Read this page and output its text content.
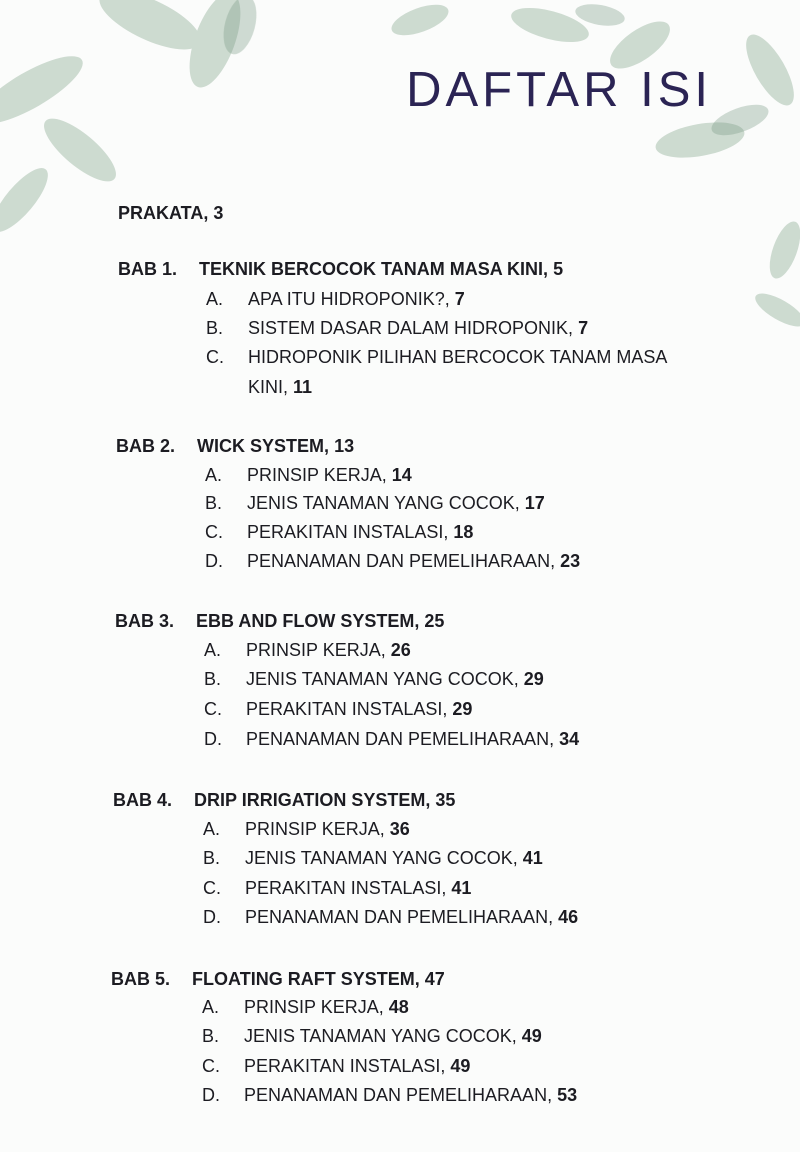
DAFTAR ISI
PRAKATA, 3
BAB 1. TEKNIK BERCOCOK TANAM MASA KINI, 5
A. APA ITU HIDROPONIK?, 7
B. SISTEM DASAR DALAM HIDROPONIK, 7
C. HIDROPONIK PILIHAN BERCOCOK TANAM MASA
KINI, 11
BAB 2. WICK SYSTEM, 13
A. PRINSIP KERJA, 14
B. JENIS TANAMAN YANG COCOK, 17
C. PERAKITAN INSTALASI, 18
D. PENANAMAN DAN PEMELIHARAAN, 23
BAB 3. EBB AND FLOW SYSTEM, 25
A. PRINSIP KERJA, 26
B. JENIS TANAMAN YANG COCOK, 29
C. PERAKITAN INSTALASI, 29
D. PENANAMAN DAN PEMELIHARAAN, 34
BAB 4. DRIP IRRIGATION SYSTEM, 35
A. PRINSIP KERJA, 36
B. JENIS TANAMAN YANG COCOK, 41
C. PERAKITAN INSTALASI, 41
D. PENANAMAN DAN PEMELIHARAAN, 46
BAB 5. FLOATING RAFT SYSTEM, 47
A. PRINSIP KERJA, 48
B. JENIS TANAMAN YANG COCOK, 49
C. PERAKITAN INSTALASI, 49
D. PENANAMAN DAN PEMELIHARAAN, 53
